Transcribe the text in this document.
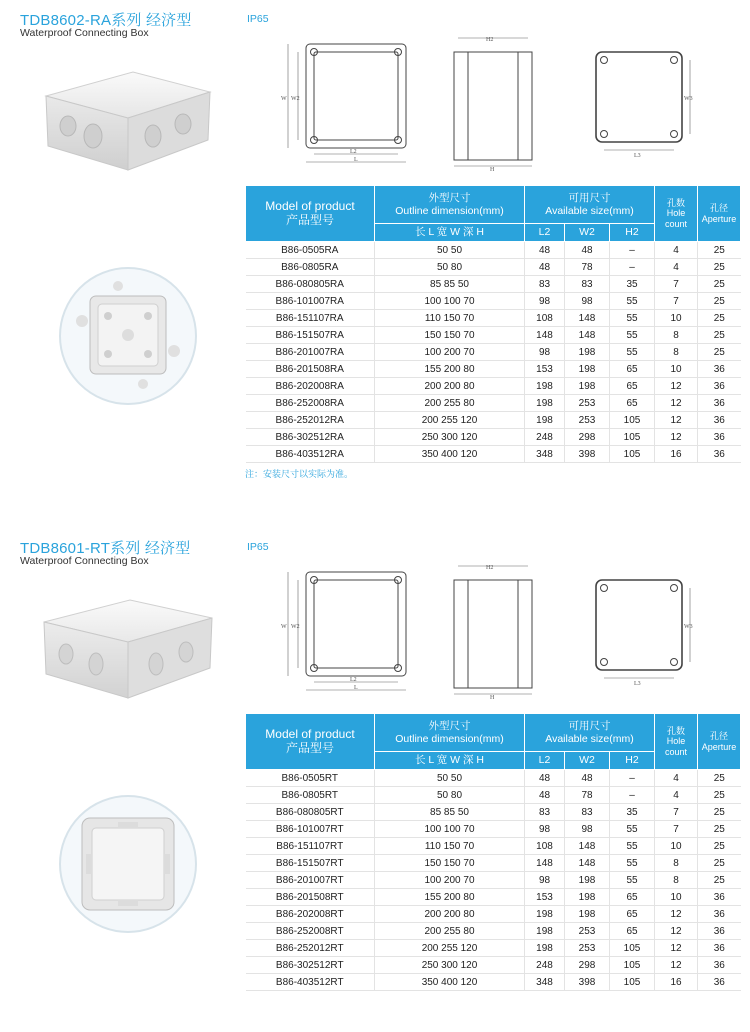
TDB8602-RA系列 经济型
Waterproof Connecting Box
IP65
W W2
L2
L
H2
H
W3
L3
Model of product
产品型号	外型尺寸
Outline dimension(mm)	可用尺寸
Available size(mm)			孔数
Hole count	孔径
Aperture
	长 L 宽 W 深 H	L2	W2	H2		
B86-0505RA	50 50	48	48	–	4	25
B86-0805RA	50 80	48	78	–	4	25
B86-080805RA	85 85 50	83	83	35	7	25
B86-101007RA	100 100 70	98	98	55	7	25
B86-151107RA	110 150 70	108	148	55	10	25
B86-151507RA	150 150 70	148	148	55	8	25
B86-201007RA	100 200 70	98	198	55	8	25
B86-201508RA	155 200 80	153	198	65	10	36
B86-202008RA	200 200 80	198	198	65	12	36
B86-252008RA	200 255 80	198	253	65	12	36
B86-252012RA	200 255 120	198	253	105	12	36
B86-302512RA	250 300 120	248	298	105	12	36
B86-403512RA	350 400 120	348	398	105	16	36
注：安装尺寸以实际为准。
TDB8601-RT系列 经济型
Waterproof Connecting Box
IP65
W W2
L2
L
H2
H
W3
L3
Model of product
产品型号	外型尺寸
Outline dimension(mm)	可用尺寸
Available size(mm)			孔数
Hole count	孔径
Aperture
	长 L 宽 W 深 H	L2	W2	H2		
B86-0505RT	50 50	48	48	–	4	25
B86-0805RT	50 80	48	78	–	4	25
B86-080805RT	85 85 50	83	83	35	7	25
B86-101007RT	100 100 70	98	98	55	7	25
B86-151107RT	110 150 70	108	148	55	10	25
B86-151507RT	150 150 70	148	148	55	8	25
B86-201007RT	100 200 70	98	198	55	8	25
B86-201508RT	155 200 80	153	198	65	10	36
B86-202008RT	200 200 80	198	198	65	12	36
B86-252008RT	200 255 80	198	253	65	12	36
B86-252012RT	200 255 120	198	253	105	12	36
B86-302512RT	250 300 120	248	298	105	12	36
B86-403512RT	350 400 120	348	398	105	16	36
